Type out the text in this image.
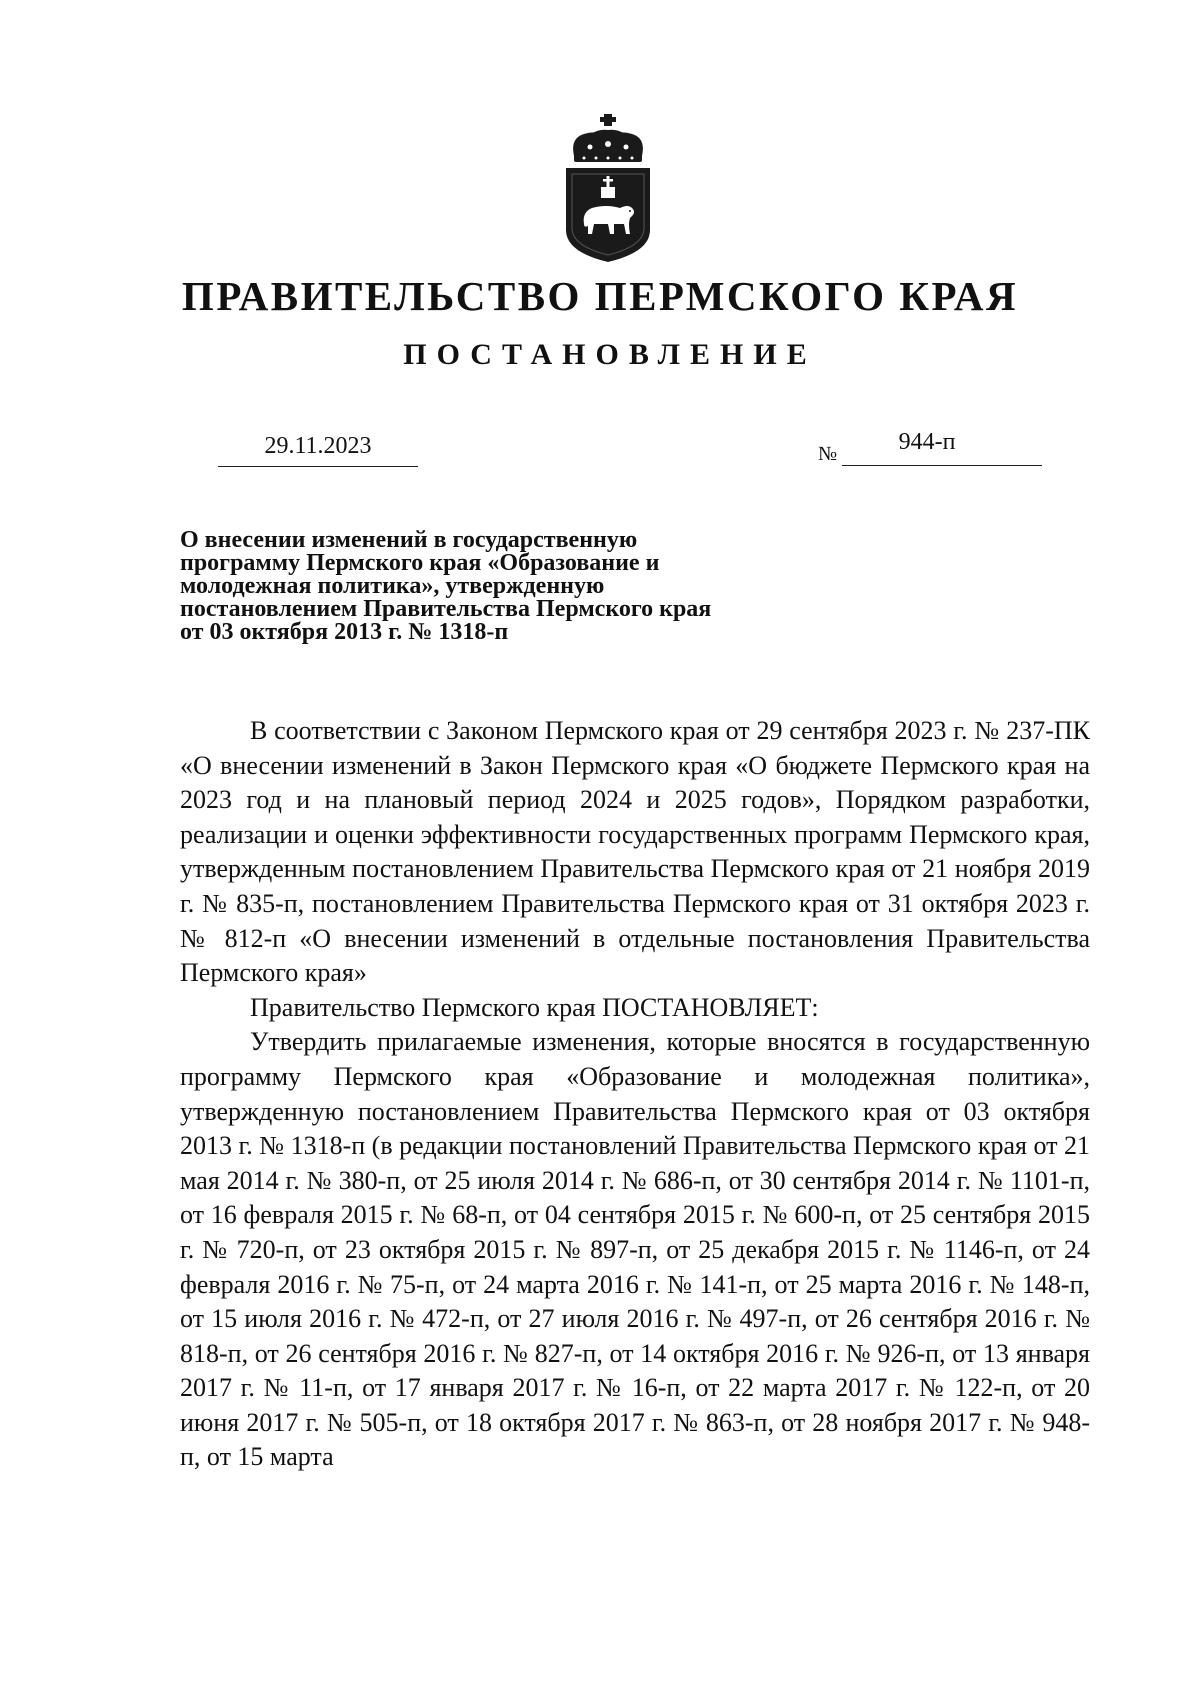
ПРАВИТЕЛЬСТВО ПЕРМСКОГО КРАЯ
ПОСТАНОВЛЕНИЕ
29.11.2023	№	944-п
О внесении изменений в государственную программу Пермского края «Образование и молодежная политика», утвержденную постановлением Правительства Пермского края от 03 октября 2013 г. № 1318-п

В соответствии с Законом Пермского края от 29 сентября 2023 г. № 237-ПК «О внесении изменений в Закон Пермского края «О бюджете Пермского края на 2023 год и на плановый период 2024 и 2025 годов», Порядком разработки, реализации и оценки эффективности государственных программ Пермского края, утвержденным постановлением Правительства Пермского края от 21 ноября 2019 г. № 835-п, постановлением Правительства Пермского края от 31 октября 2023 г. № 812-п «О внесении изменений в отдельные постановления Правительства Пермского края»

Правительство Пермского края ПОСТАНОВЛЯЕТ:

Утвердить прилагаемые изменения, которые вносятся в государственную программу Пермского края «Образование и молодежная политика», утвержденную постановлением Правительства Пермского края от 03 октября 2013 г. № 1318-п (в редакции постановлений Правительства Пермского края от 21 мая 2014 г. № 380-п, от 25 июля 2014 г. № 686-п, от 30 сентября 2014 г. № 1101-п, от 16 февраля 2015 г. № 68-п, от 04 сентября 2015 г. № 600-п, от 25 сентября 2015 г. № 720-п, от 23 октября 2015 г. № 897-п, от 25 декабря 2015 г. № 1146-п, от 24 февраля 2016 г. № 75-п, от 24 марта 2016 г. № 141-п, от 25 марта 2016 г. № 148-п, от 15 июля 2016 г. № 472-п, от 27 июля 2016 г. № 497-п, от 26 сентября 2016 г. № 818-п, от 26 сентября 2016 г. № 827-п, от 14 октября 2016 г. № 926-п, от 13 января 2017 г. № 11-п, от 17 января 2017 г. № 16-п, от 22 марта 2017 г. № 122-п, от 20 июня 2017 г. № 505-п, от 18 октября 2017 г. № 863-п, от 28 ноября 2017 г. № 948-п, от 15 марта
